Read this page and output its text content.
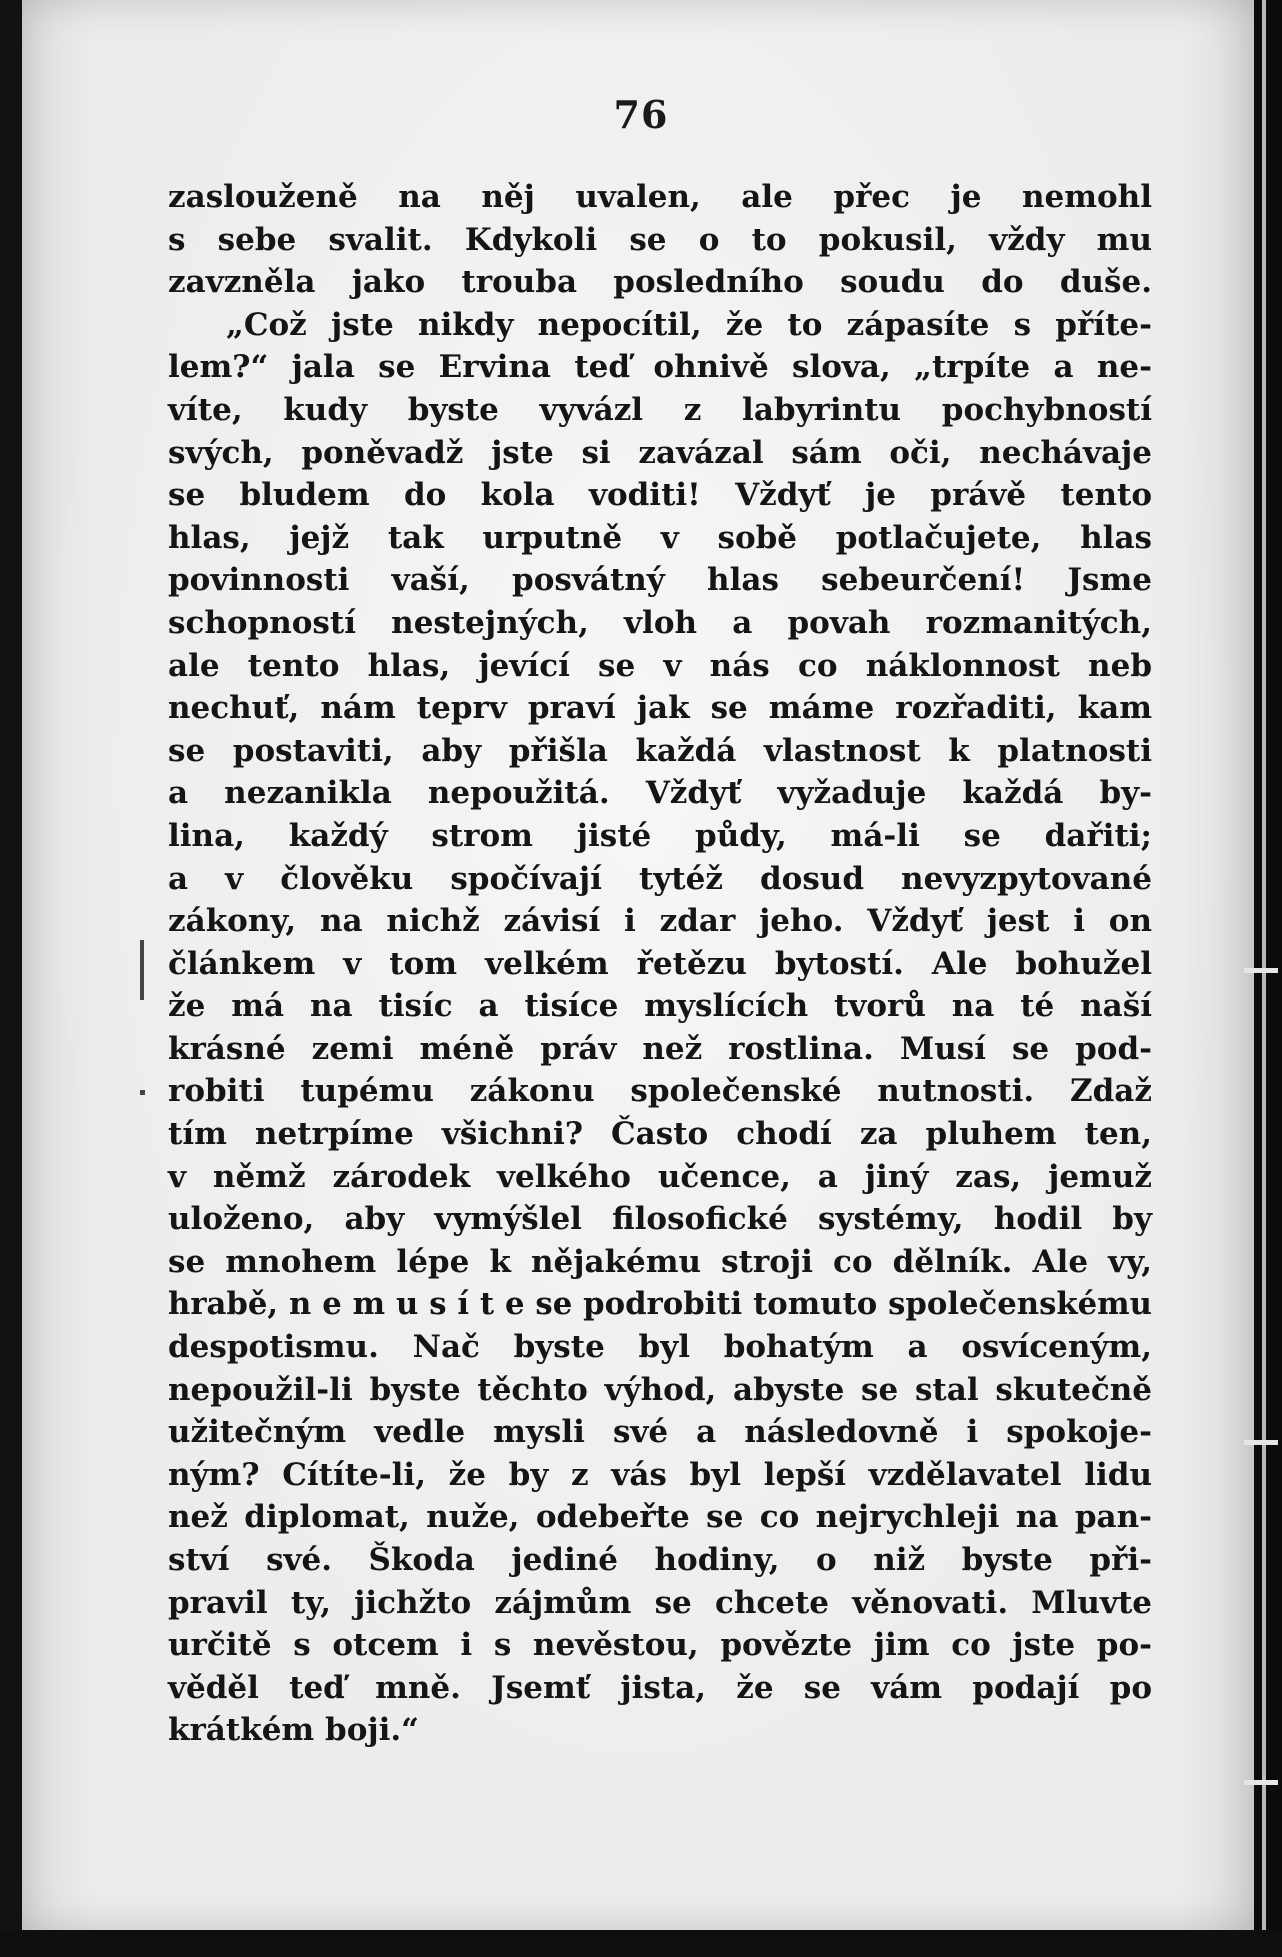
76
zaslouženě na něj uvalen, ale přec je nemohl
s sebe svalit. Kdykoli se o to pokusil, vždy mu
zavzněla jako trouba posledního soudu do duše.
„Což jste nikdy nepocítil, že to zápasíte s příte-
lem?“ jala se Ervina teď ohnivě slova, „trpíte a ne-
víte, kudy byste vyvázl z labyrintu pochybností
svých, poněvadž jste si zavázal sám oči, nechávaje
se bludem do kola voditi! Vždyť je právě tento
hlas, jejž tak urputně v sobě potlačujete, hlas
povinnosti vaší, posvátný hlas sebeurčení! Jsme
schopností nestejných, vloh a povah rozmanitých,
ale tento hlas, jevící se v nás co náklonnost neb
nechuť, nám teprv praví jak se máme rozřaditi, kam
se postaviti, aby přišla každá vlastnost k platnosti
a nezanikla nepoužitá. Vždyť vyžaduje každá by-
lina, každý strom jisté půdy, má-li se dařiti;
a v člověku spočívají tytéž dosud nevyzpytované
zákony, na nichž závisí i zdar jeho. Vždyť jest i on
článkem v tom velkém řetězu bytostí. Ale bohužel
že má na tisíc a tisíce myslících tvorů na té naší
krásné zemi méně práv než rostlina. Musí se pod-
robiti tupému zákonu společenské nutnosti. Zdaž
tím netrpíme všichni? Často chodí za pluhem ten,
v němž zárodek velkého učence, a jiný zas, jemuž
uloženo, aby vymýšlel filosofické systémy, hodil by
se mnohem lépe k nějakému stroji co dělník. Ale vy,
hrabě, n e m u s í t e se podrobiti tomuto společenskému
despotismu. Nač byste byl bohatým a osvíceným,
nepoužil-li byste těchto výhod, abyste se stal skutečně
užitečným vedle mysli své a následovně i spokoje-
ným? Cítíte-li, že by z vás byl lepší vzdělavatel lidu
než diplomat, nuže, odebeřte se co nejrychleji na pan-
ství své. Škoda jediné hodiny, o niž byste při-
pravil ty, jichžto zájmům se chcete věnovati. Mluvte
určitě s otcem i s nevěstou, povězte jim co jste po-
věděl teď mně. Jsemť jista, že se vám podají po
krátkém boji.“
